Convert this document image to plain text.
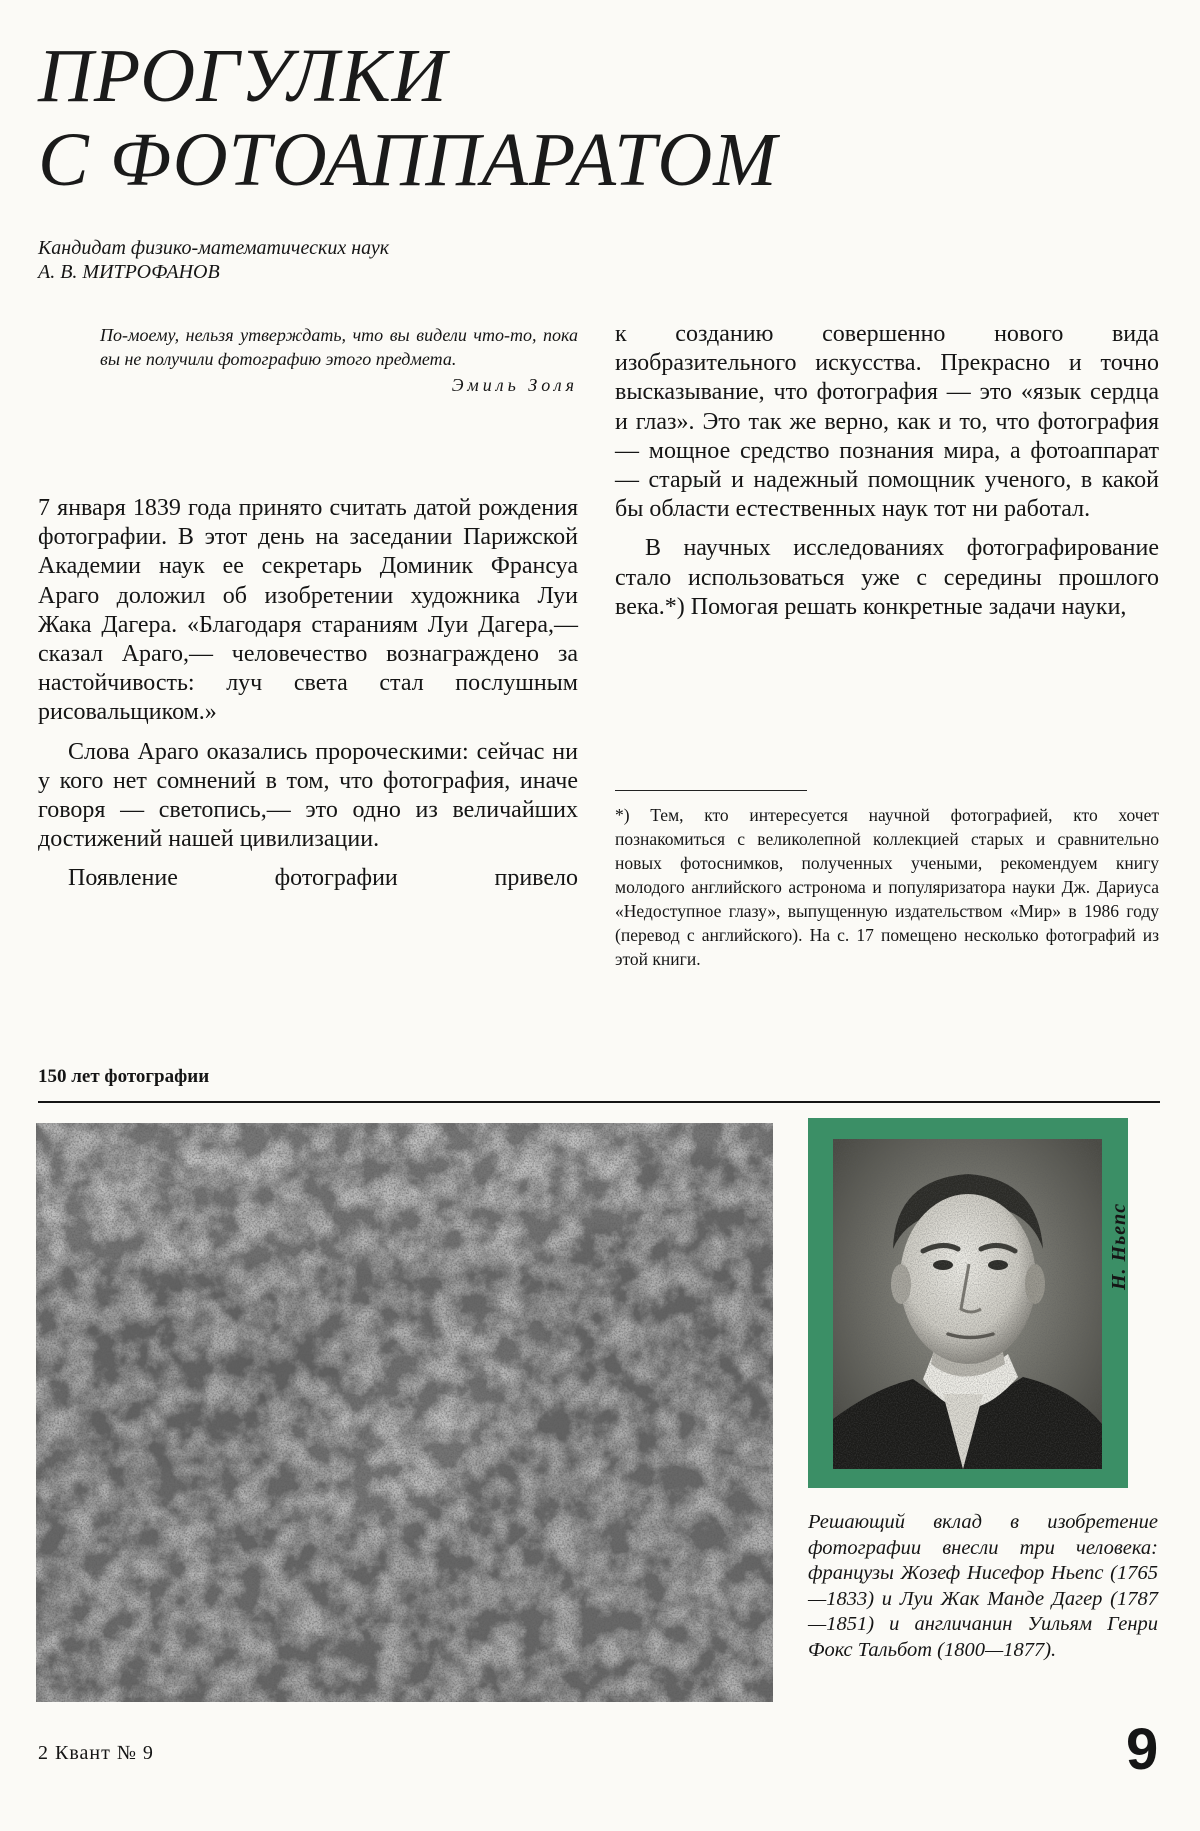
ПРОГУЛКИ
С ФОТОАППАРАТОМ
Кандидат физико-математических наук
А. В. МИТРОФАНОВ
По-моему, нельзя утверждать, что вы видели что-то, пока вы не получили фотографию этого предмета.
Эмиль Золя

7 января 1839 года принято считать датой рождения фотографии. В этот день на заседании Парижской Академии наук ее секретарь Доминик Франсуа Араго доложил об изобретении художника Луи Жака Дагера. «Благодаря стараниям Луи Дагера,— сказал Араго,— человечество вознаграждено за настойчивость: луч света стал послушным рисовальщиком.»

Слова Араго оказались пророческими: сейчас ни у кого нет сомнений в том, что фотография, иначе говоря — светопись,— это одно из величайших достижений нашей цивилизации.

Появление фотографии привело

к созданию совершенно нового вида изобразительного искусства. Прекрасно и точно высказывание, что фотография — это «язык сердца и глаз». Это так же верно, как и то, что фотография — мощное средство познания мира, а фотоаппарат — старый и надежный помощник ученого, в какой бы области естественных наук тот ни работал.

В научных исследованиях фотографирование стало использоваться уже с середины прошлого века.*) Помогая решать конкретные задачи науки,

*) Тем, кто интересуется научной фотографией, кто хочет познакомиться с великолепной коллекцией старых и сравнительно новых фотоснимков, полученных учеными, рекомендуем книгу молодого английского астронома и популяризатора науки Дж. Дариуса «Недоступное глазу», выпущенную издательством «Мир» в 1986 году (перевод с английского). На с. 17 помещено несколько фотографий из этой книги.
150 лет фотографии
Н. Ньепс
Решающий вклад в изобретение фотографии внесли три человека: французы Жозеф Нисефор Ньепс (1765—1833) и Луи Жак Манде Дагер (1787—1851) и англичанин Уильям Генри Фокс Тальбот (1800—1877).
2 Квант № 9	9
